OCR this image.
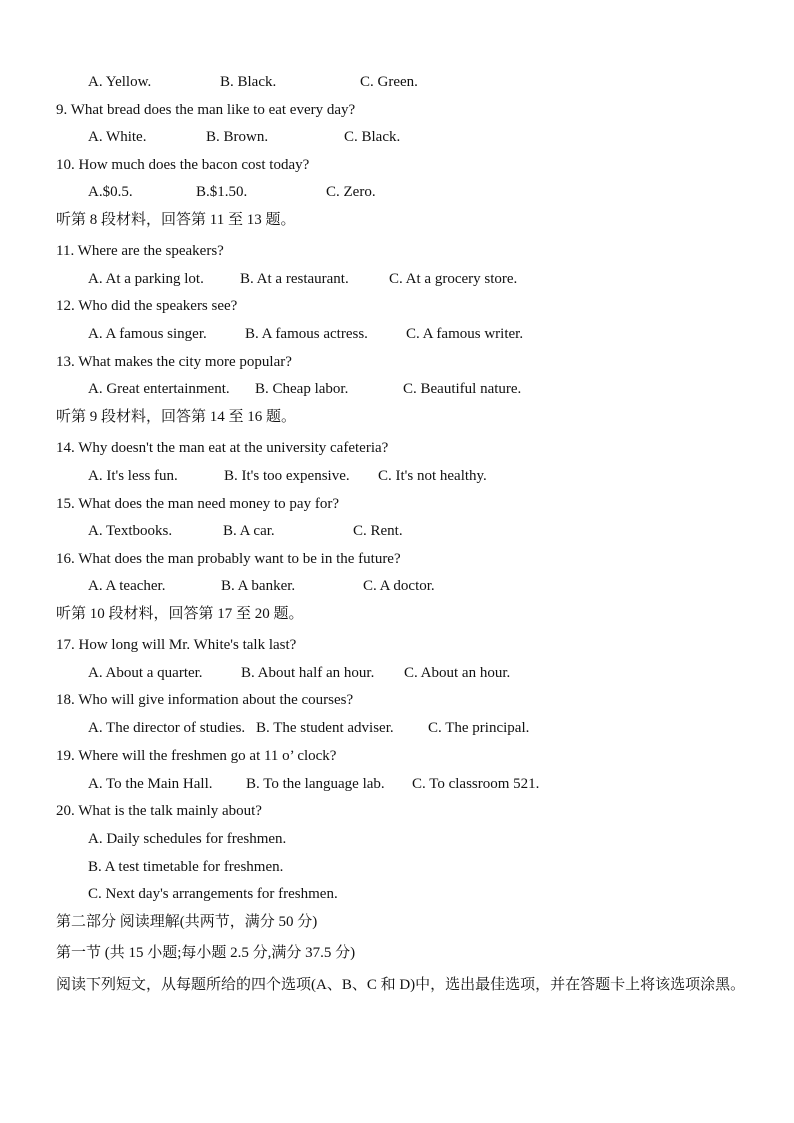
A. Yellow.	B. Black.	C. Green.
9. What bread does the man like to eat every day?
A. White.	B. Brown.	C. Black.
10. How much does the bacon cost today?
A.$0.5.	B.$1.50.	C. Zero.
听第 8 段材料，回答第 11 至 13 题。
11. Where are the speakers?
A. At a parking lot. B. At a restaurant.	C. At a grocery store.
12. Who did the speakers see?
A. A famous singer.	B. A famous actress.	C. A famous writer.
13. What makes the city more popular?
A. Great entertainment. B. Cheap labor.	C. Beautiful nature.
听第 9 段材料，回答第 14 至 16 题。
14. Why doesn't the man eat at the university cafeteria?
A. It's less fun.	B. It's too expensive. C. It's not healthy.
15. What does the man need money to pay for?
A. Textbooks.	B. A car.	C. Rent.
16. What does the man probably want to be in the future?
A. A teacher.	B. A banker.	C. A doctor.
听第 10 段材料，回答第 17 至 20 题。
17. How long will Mr. White's talk last?
A. About a quarter.	B. About half an hour. C. About an hour.
18. Who will give information about the courses?
A. The director of studies. B. The student adviser. C. The principal.
19. Where will the freshmen go at 11 o’ clock?
A. To the Main Hall. B. To the language lab. C. To classroom 521.
20. What is the talk mainly about?
A. Daily schedules for freshmen.
B. A test timetable for freshmen.
C. Next day's arrangements for freshmen.
第二部分 阅读理解(共两节，满分 50 分)
第一节 (共 15 小题;每小题 2.5 分,满分 37.5 分)
阅读下列短文，从每题所给的四个选项(A、B、C 和 D)中，选出最佳选项，并在答题卡上将该选项涂黑。
